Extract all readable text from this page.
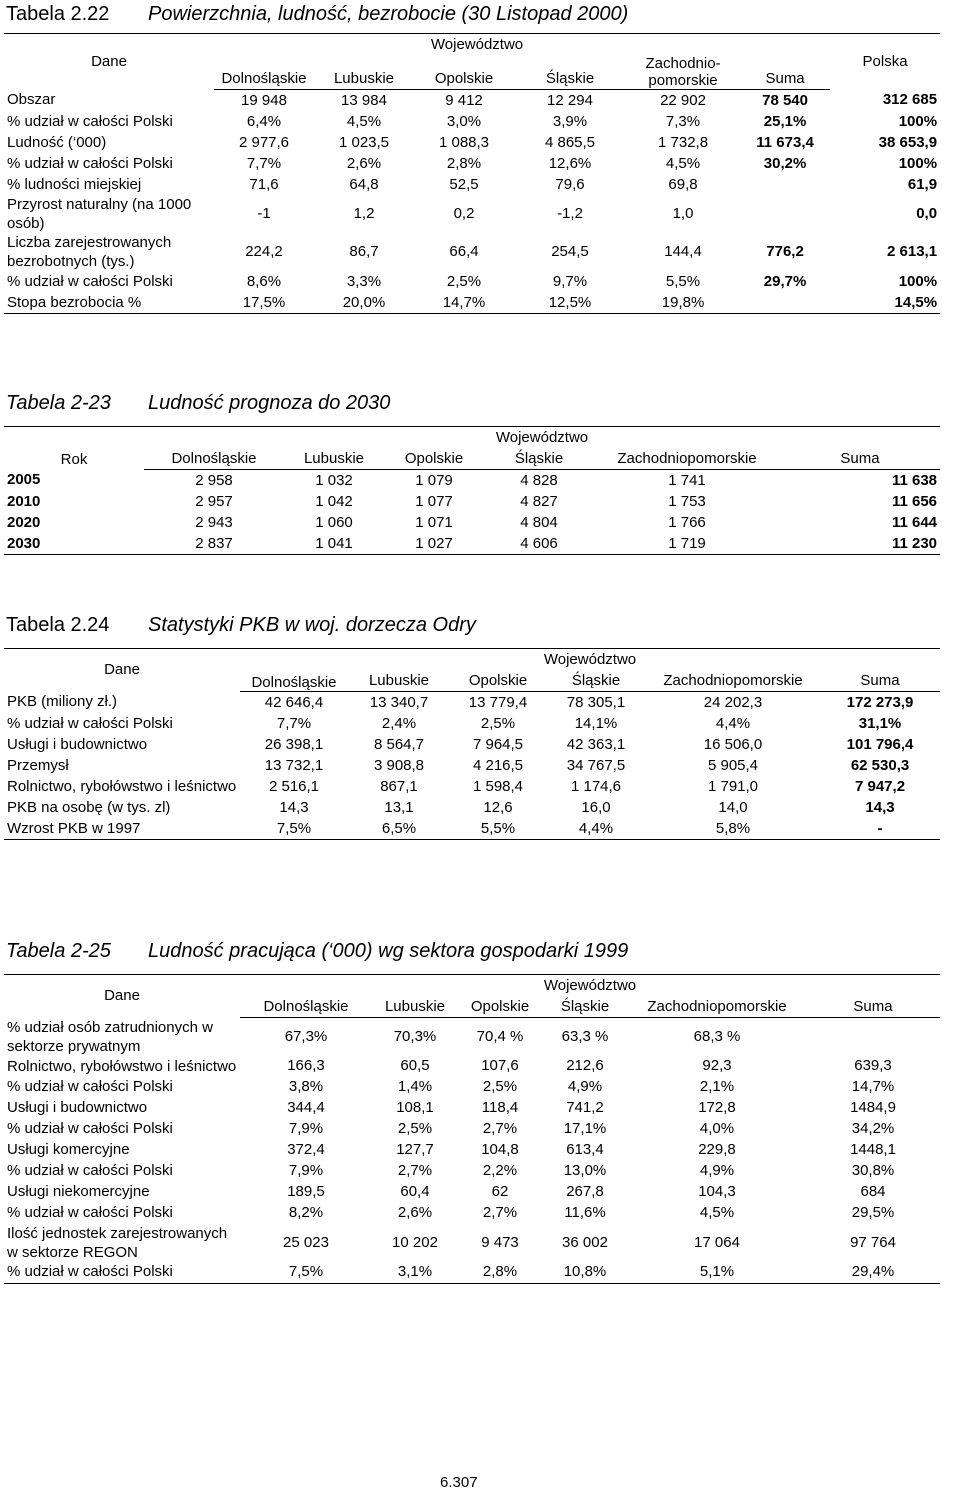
Tabela 2.22 Powierzchnia, ludność, bezrobocie (30 Listopad 2000)
Dane	Województwo						Polska
	Dolnośląskie	Lubuskie	Opolskie	Śląskie	Zachodnio-pomorskie	Suma	
Obszar	19 948	13 984	9 412	12 294	22 902	78 540	312 685
% udział w całości Polski	6,4%	4,5%	3,0%	3,9%	7,3%	25,1%	100%
Ludność (‘000)	2 977,6	1 023,5	1 088,3	4 865,5	1 732,8	11 673,4	38 653,9
% udział w całości Polski	7,7%	2,6%	2,8%	12,6%	4,5%	30,2%	100%
% ludności miejskiej	71,6	64,8	52,5	79,6	69,8		61,9
Przyrost naturalny (na 1000 osób)	-1	1,2	0,2	-1,2	1,0		0,0
Liczba zarejestrowanych bezrobotnych (tys.)	224,2	86,7	66,4	254,5	144,4	776,2	2 613,1
% udział w całości Polski	8,6%	3,3%	2,5%	9,7%	5,5%	29,7%	100%
Stopa bezrobocia %	17,5%	20,0%	14,7%	12,5%	19,8%		14,5%
Tabela 2-23 Ludność prognoza do 2030
Rok	Województwo					
	Dolnośląskie	Lubuskie	Opolskie	Śląskie	Zachodniopomorskie	Suma
2005	2 958	1 032	1 079	4 828	1 741	11 638
2010	2 957	1 042	1 077	4 827	1 753	11 656
2020	2 943	1 060	1 071	4 804	1 766	11 644
2030	2 837	1 041	1 027	4 606	1 719	11 230
Tabela 2.24 Statystyki PKB w woj. dorzecza Odry
Dane	Województwo					
	Dolnośląskie	Lubuskie	Opolskie	Śląskie	Zachodniopomorskie	Suma
PKB (miliony zł.)	42 646,4	13 340,7	13 779,4	78 305,1	24 202,3	172 273,9
% udział w całości Polski	7,7%	2,4%	2,5%	14,1%	4,4%	31,1%
Usługi i budownictwo	26 398,1	8 564,7	7 964,5	42 363,1	16 506,0	101 796,4
Przemysł	13 732,1	3 908,8	4 216,5	34 767,5	5 905,4	62 530,3
Rolnictwo, rybołówstwo i leśnictwo	2 516,1	867,1	1 598,4	1 174,6	1 791,0	7 947,2
PKB na osobę (w tys. zl)	14,3	13,1	12,6	16,0	14,0	14,3
Wzrost PKB w 1997	7,5%	6,5%	5,5%	4,4%	5,8%	-
Tabela 2-25 Ludność pracująca (‘000) wg sektora gospodarki 1999
Dane	Województwo					
	Dolnośląskie	Lubuskie	Opolskie	Śląskie	Zachodniopomorskie	Suma
% udział osób zatrudnionych w sektorze prywatnym	67,3%	70,3%	70,4 %	63,3 %	68,3 %	
Rolnictwo, rybołówstwo i leśnictwo	166,3	60,5	107,6	212,6	92,3	639,3
% udział w całości Polski	3,8%	1,4%	2,5%	4,9%	2,1%	14,7%
Usługi i budownictwo	344,4	108,1	118,4	741,2	172,8	1484,9
% udział w całości Polski	7,9%	2,5%	2,7%	17,1%	4,0%	34,2%
Usługi komercyjne	372,4	127,7	104,8	613,4	229,8	1448,1
% udział w całości Polski	7,9%	2,7%	2,2%	13,0%	4,9%	30,8%
Usługi niekomercyjne	189,5	60,4	62	267,8	104,3	684
% udział w całości Polski	8,2%	2,6%	2,7%	11,6%	4,5%	29,5%
Ilość jednostek zarejestrowanych w sektorze REGON	25 023	10 202	9 473	36 002	17 064	97 764
% udział w całości Polski	7,5%	3,1%	2,8%	10,8%	5,1%	29,4%
6.307
